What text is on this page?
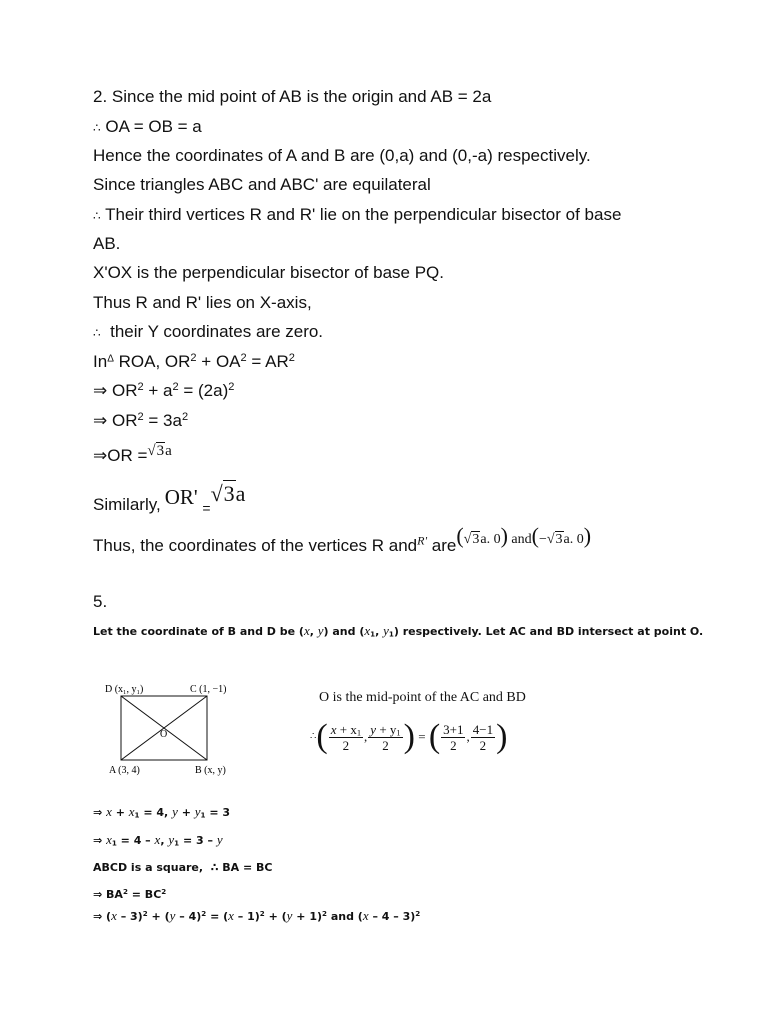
2. Since the mid point of AB is the origin and AB = 2a
∴ OA = OB = a
Hence the coordinates of A and B are (0,a) and (0,-a) respectively.
Since triangles ABC and ABC' are equilateral
∴ Their third vertices R and R' lie on the perpendicular bisector of base
AB.
X'OX is the perpendicular bisector of base PQ.
Thus R and R' lies on X-axis,
∴ their Y coordinates are zero.
$In^\Delta$ ROA, $OR^2 + OA^2 = AR^2$
⇒ $OR^2 + a^2 = (2a)^2$
⇒ $OR^2 = 3a^2$
⇒OR =√3a
Similarly, OR' =√3a
Thus, the coordinates of the vertices R and$^{R'}$ are$^{(√3a. 0) and(-√3a. 0)}$
5.
Let the coordinate of B and D be (x, y) and ($x_1$, $y_1$) respectively. Let AC and BD intersect at point O.
D (x₁, y₁)	C (1, −1)
A (3, 4)	B (x, y)
O
O is the mid-point of the AC and BD
∴( $\frac{x + x_1}{2}$ , $\frac{y + y_1}{2}$ ) = ( $\frac{3+1}{2}$ , $\frac{4-1}{2}$ )
⇒ $x + x_1 = 4$, $y + y_1 = 3$
⇒ $x_1 = 4 - x$, $y_1 = 3 - y$
ABCD is a square, ∴ BA = BC
⇒ $BA^2 = BC^2$
⇒ $(x - 3)^2 + (y - 4)^2 = (x - 1)^2 + (y + 1)^2$ and (x – 4 – 3)$^2$
